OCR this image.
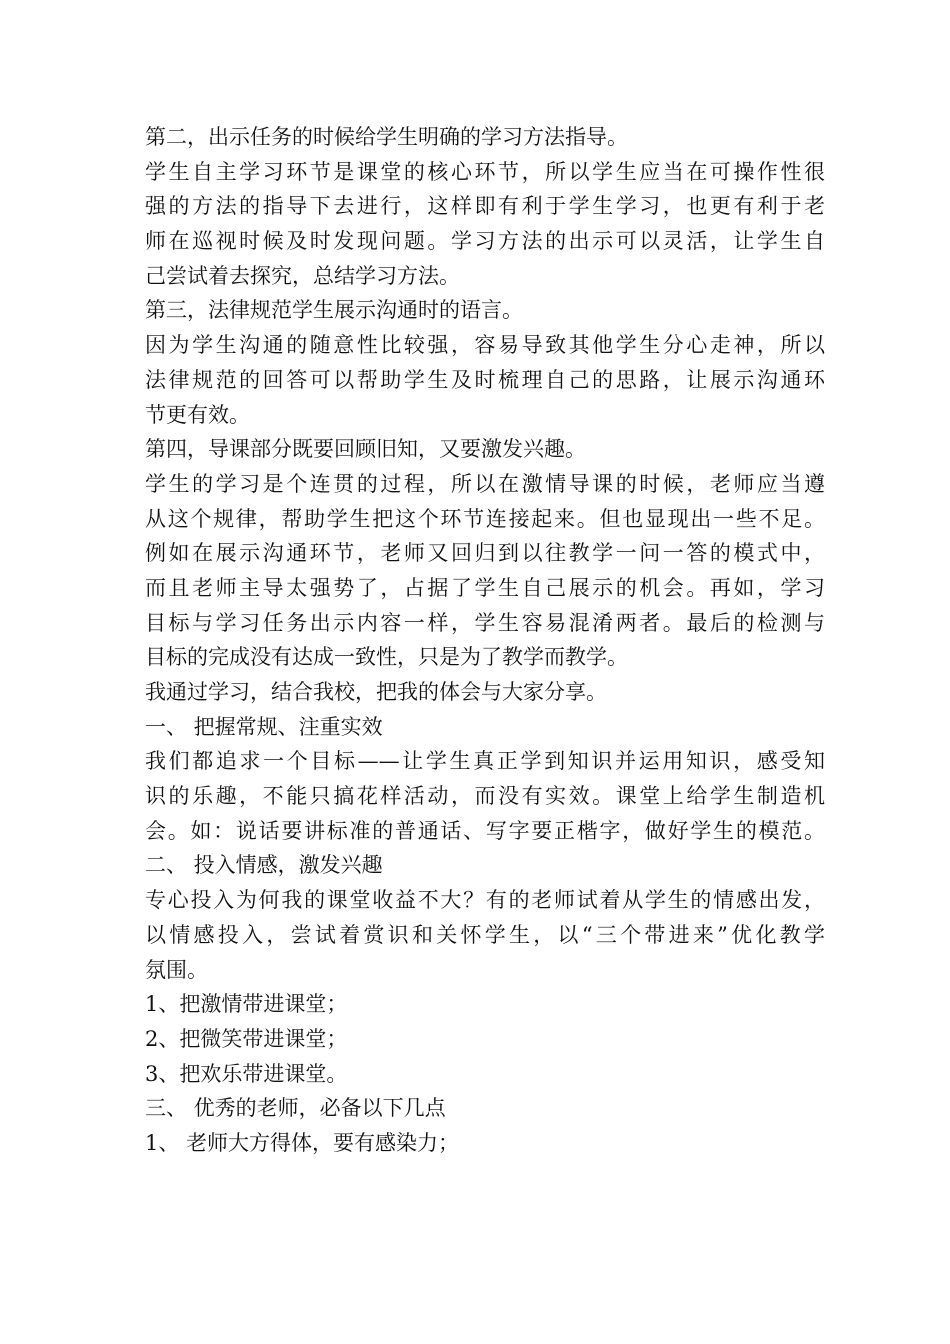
第二，出示任务的时候给学生明确的学习方法指导。
学生自主学习环节是课堂的核心环节，所以学生应当在可操作性很
强的方法的指导下去进行，这样即有利于学生学习，也更有利于老
师在巡视时候及时发现问题。学习方法的出示可以灵活，让学生自
己尝试着去探究，总结学习方法。
第三，法律规范学生展示沟通时的语言。
因为学生沟通的随意性比较强，容易导致其他学生分心走神，所以
法律规范的回答可以帮助学生及时梳理自己的思路，让展示沟通环
节更有效。
第四，导课部分既要回顾旧知，又要激发兴趣。
学生的学习是个连贯的过程，所以在激情导课的时候，老师应当遵
从这个规律，帮助学生把这个环节连接起来。但也显现出一些不足。
例如在展示沟通环节，老师又回归到以往教学一问一答的模式中，
而且老师主导太强势了，占据了学生自己展示的机会。再如，学习
目标与学习任务出示内容一样，学生容易混淆两者。最后的检测与
目标的完成没有达成一致性，只是为了教学而教学。
我通过学习，结合我校，把我的体会与大家分享。
一、 把握常规、注重实效
我们都追求一个目标——让学生真正学到知识并运用知识，感受知
识的乐趣，不能只搞花样活动，而没有实效。课堂上给学生制造机
会。如：说话要讲标准的普通话、写字要正楷字，做好学生的模范。
二、 投入情感，激发兴趣
专心投入为何我的课堂收益不大？有的老师试着从学生的情感出发，
以情感投入，尝试着赏识和关怀学生，以“三个带进来”优化教学
氛围。
1、把激情带进课堂；
2、把微笑带进课堂；
3、把欢乐带进课堂。
三、 优秀的老师，必备以下几点
1、 老师大方得体，要有感染力；
